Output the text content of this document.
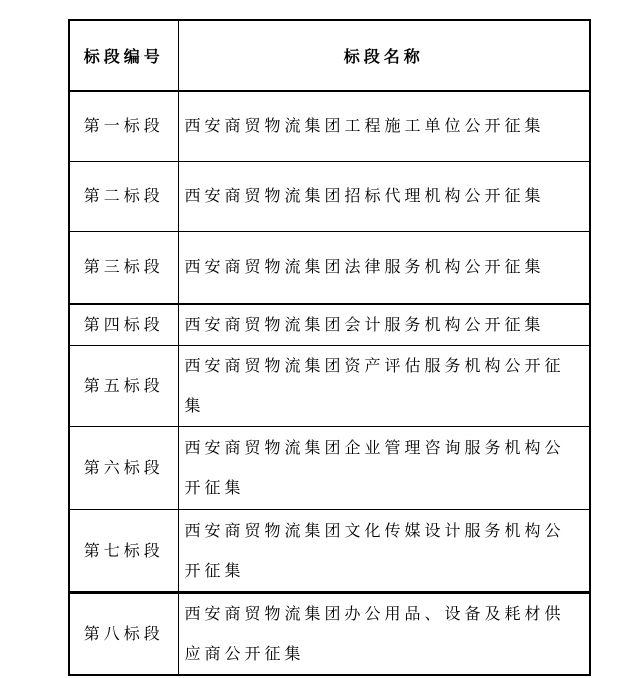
标段编号	标段名称
第一标段	西安商贸物流集团工程施工单位公开征集
第二标段	西安商贸物流集团招标代理机构公开征集
第三标段	西安商贸物流集团法律服务机构公开征集
第四标段	西安商贸物流集团会计服务机构公开征集
第五标段	西安商贸物流集团资产评估服务机构公开征集
第六标段	西安商贸物流集团企业管理咨询服务机构公开征集
第七标段	西安商贸物流集团文化传媒设计服务机构公开征集
第八标段	西安商贸物流集团办公用品、设备及耗材供应商公开征集
